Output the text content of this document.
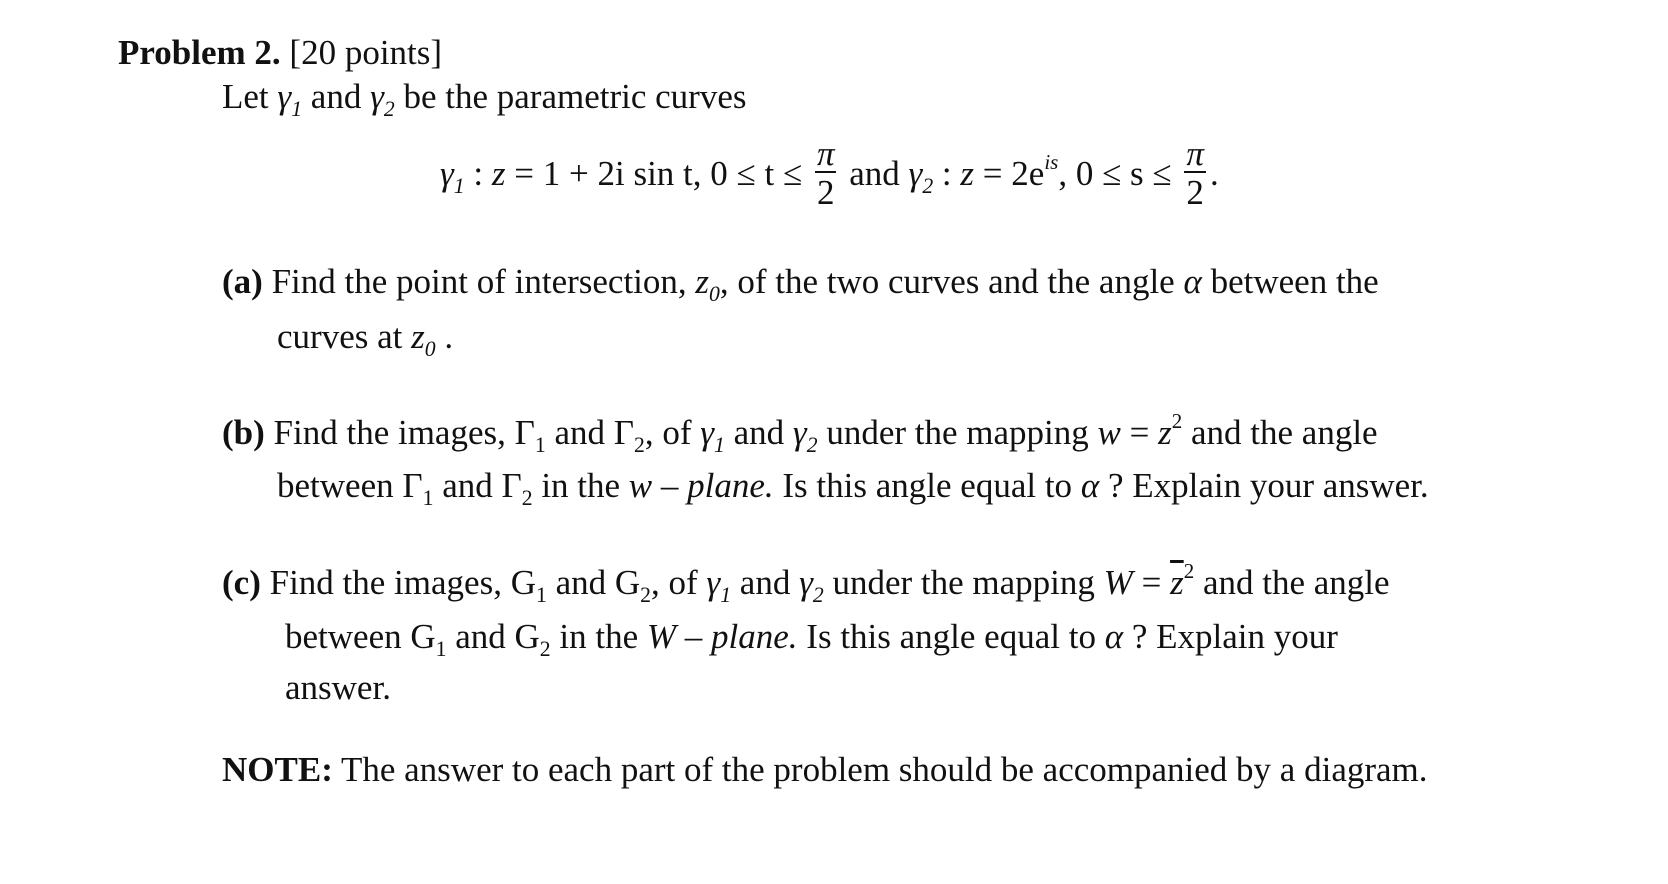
Problem 2. [20 points]
Let $\gamma_1$ and $\gamma_2$ be the parametric curves
$\gamma_1$ : z = 1 + 2i sin t, $0 \le t \le \frac{\pi}{2}$ and $\gamma_2$ : $z = 2e^{is}$, $0 \le s \le \frac{\pi}{2}$ .
(a) Find the point of intersection, $z_0$, of the two curves and the angle α between the
curves at $z_0$ .
(b) Find the images, $\Gamma_1$ and $\Gamma_2$, of $\gamma_1$ and $\gamma_2$ under the mapping $w = z^2$ and the angle
between $\Gamma_1$ and $\Gamma_2$ in the w – plane. Is this angle equal to α ? Explain your answer.
(c) Find the images, $G_1$ and $G_2$, of $\gamma_1$ and $\gamma_2$ under the mapping $W = \overline{z}^2$ and the angle
between $G_1$ and $G_2$ in the W – plane. Is this angle equal to α ? Explain your
answer.
NOTE: The answer to each part of the problem should be accompanied by a diagram.
